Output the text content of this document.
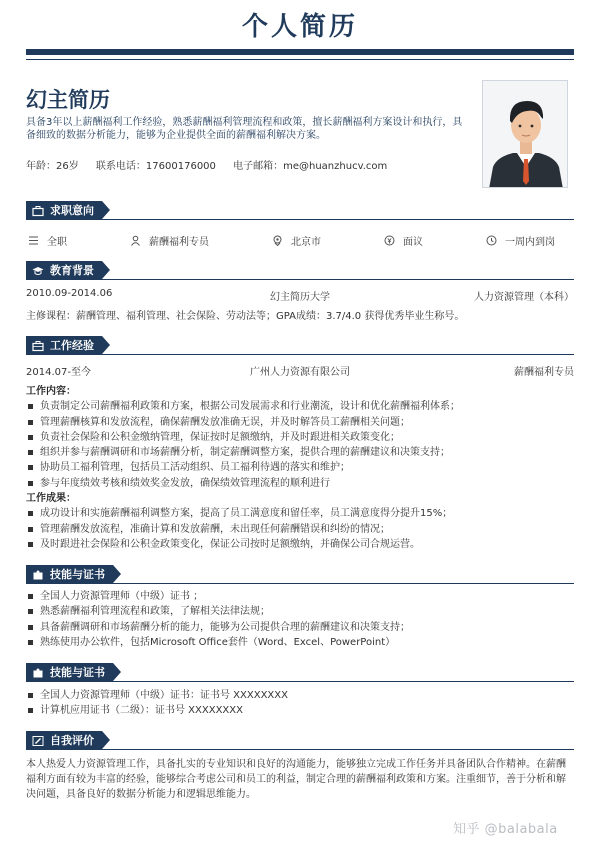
个人简历
幻主简历
具备3年以上薪酬福利工作经验，熟悉薪酬福利管理流程和政策，擅长薪酬福利方案设计和执行，具备细致的数据分析能力，能够为企业提供全面的薪酬福利解决方案。
年龄：26岁 联系电话：17600176000 电子邮箱：me@huanzhucv.com
求职意向
全职	薪酬福利专员	北京市	面议	一周内到岗
教育背景
2010.09-2014.06	幻主简历大学	人力资源管理（本科）
主修课程：薪酬管理、福利管理、社会保险、劳动法等；GPA成绩：3.7/4.0 获得优秀毕业生称号。
工作经验
2014.07-至今	广州人力资源有限公司	薪酬福利专员
工作内容：
负责制定公司薪酬福利政策和方案，根据公司发展需求和行业潮流，设计和优化薪酬福利体系；
管理薪酬核算和发放流程，确保薪酬发放准确无误，并及时解答员工薪酬相关问题；
负责社会保险和公积金缴纳管理，保证按时足额缴纳，并及时跟进相关政策变化；
组织并参与薪酬调研和市场薪酬分析，制定薪酬调整方案，提供合理的薪酬建议和决策支持；
协助员工福利管理，包括员工活动组织、员工福利待遇的落实和维护；
参与年度绩效考核和绩效奖金发放，确保绩效管理流程的顺利进行
工作成果：
成功设计和实施薪酬福利调整方案，提高了员工满意度和留任率，员工满意度得分提升15%；
管理薪酬发放流程，准确计算和发放薪酬，未出现任何薪酬错误和纠纷的情况；
及时跟进社会保险和公积金政策变化，保证公司按时足额缴纳，并确保公司合规运营。
技能与证书
全国人力资源管理师（中级）证书 ；
熟悉薪酬福利管理流程和政策，了解相关法律法规；
具备薪酬调研和市场薪酬分析的能力，能够为公司提供合理的薪酬建议和决策支持；
熟练使用办公软件，包括Microsoft Office套件（Word、Excel、PowerPoint）
技能与证书
全国人力资源管理师（中级）证书：证书号 XXXXXXXX
计算机应用证书（二级）：证书号 XXXXXXXX
自我评价
本人热爱人力资源管理工作，具备扎实的专业知识和良好的沟通能力，能够独立完成工作任务并具备团队合作精神。在薪酬福利方面有较为丰富的经验，能够综合考虑公司和员工的利益，制定合理的薪酬福利政策和方案。注重细节，善于分析和解决问题，具备良好的数据分析能力和逻辑思维能力。
知乎 @balabala
